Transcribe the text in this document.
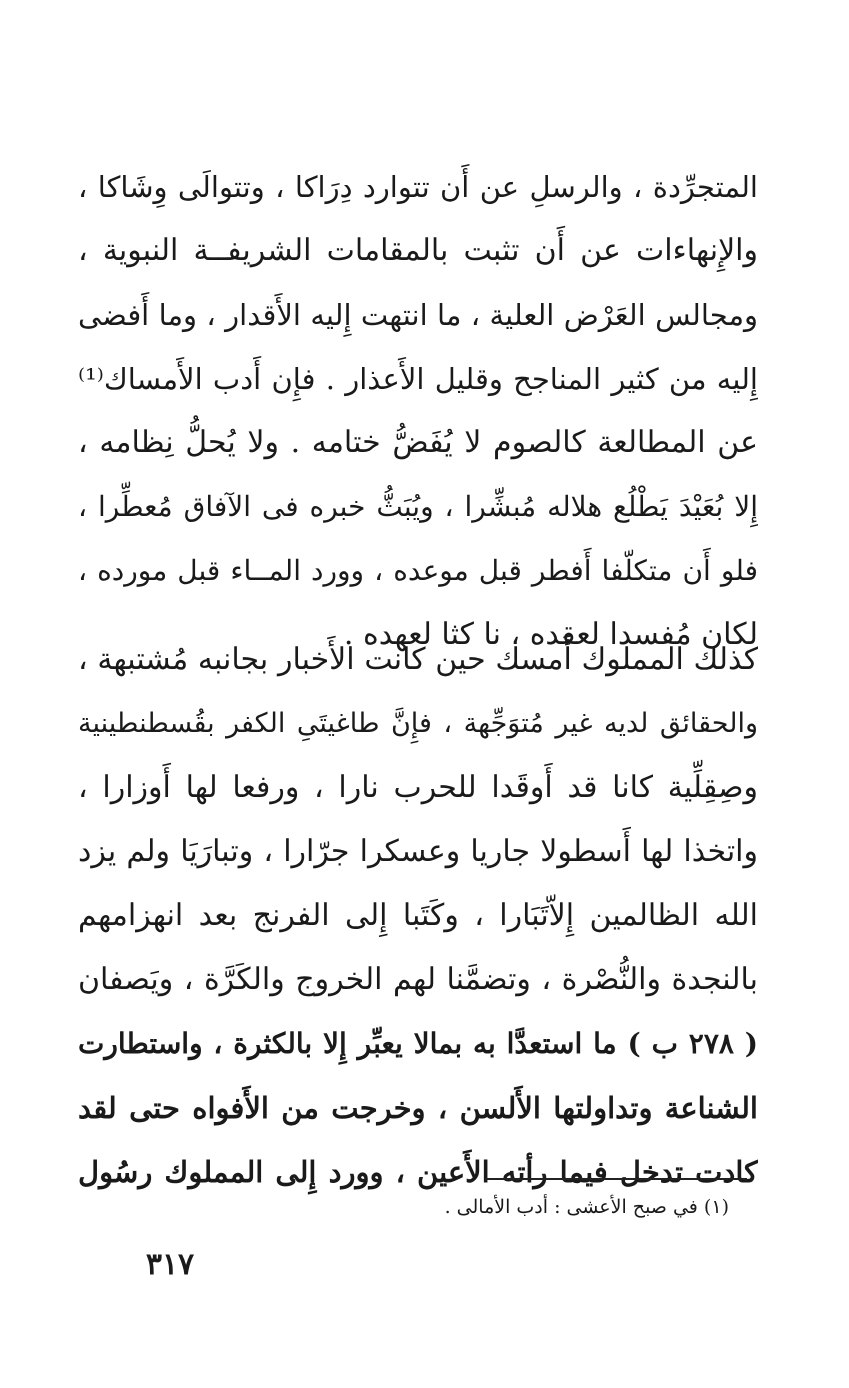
المتجرِّدة ، والرسلِ عن أَن تتوارد دِرَاكا ، وتتوالَى وِشَاكا ،
والإِنهاءات عن أَن تثبت بالمقامات الشريفــة النبوية ،
ومجالس العَرْض العلية ، ما انتهت إِليه الأَقدار ، وما أَفضى
إِليه من كثير المناجح وقليل الأَعذار . فإِن أَدب الأَمساك⁽¹⁾
عن المطالعة كالصوم لا يُفَضُّ ختامه . ولا يُحلُّ نِظامه ،
إِلا بُعَيْدَ يَطْلُع هلاله مُبشِّرا ، ويُبَثُّ خبره فى الآفاق مُعطِّرا ،
فلو أَن متكلّفا أَفطر قبل موعده ، وورد المــاء قبل مورده ،
لكان مُفسدا لعقده ، نا كثا لعهده .
كذلك المملوك أَمسك حين كانت الأَخبار بجانبه مُشتبهة ،
والحقائق لديه غير مُتوَجِّهة ، فإِنَّ طاغيتَىِ الكفر بقُسطنطينية
وصِقِلِّية كانا قد أَوقَدا للحرب نارا ، ورفعا لها أَوزارا ،
واتخذا لها أَسطولا جاريا وعسكرا جرّارا ، وتبارَيَا ولم يزد
الله الظالمين إِلاّتَبَارا ، وكَتَبا إِلى الفرنج بعد انهزامهم
بالنجدة والنُّصْرة ، وتضمَّنا لهم الخروج والكَرَّة ، ويَصفان
( ٢٧٨ ب ) ما استعدَّا به بمالا يعبِّر إِلا بالكثرة ، واستطارت
الشناعة وتداولتها الأَلسن ، وخرجت من الأَفواه حتى لقد
كادت تدخل فيما رأته الأَعين ، وورد إِلى المملوك رسُول
(١) في صبح الأعشى : أدب الأمالى .
٣١٧
